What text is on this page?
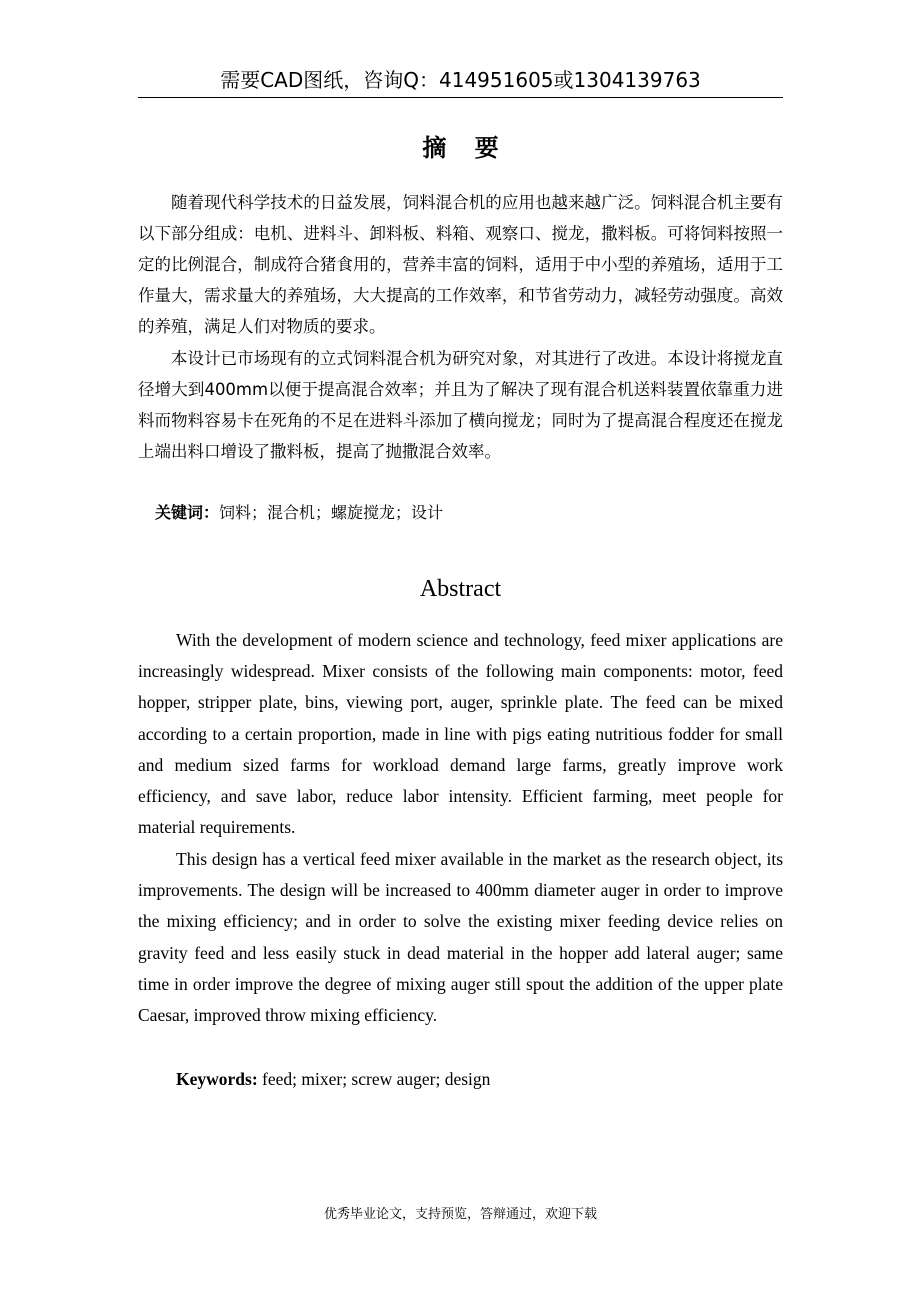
需要CAD图纸，咨询Q：414951605或1304139763
摘 要

随着现代科学技术的日益发展，饲料混合机的应用也越来越广泛。饲料混合机主要有以下部分组成：电机、进料斗、卸料板、料箱、观察口、搅龙，撒料板。可将饲料按照一定的比例混合，制成符合猪食用的，营养丰富的饲料，适用于中小型的养殖场，适用于工作量大，需求量大的养殖场，大大提高的工作效率，和节省劳动力，减轻劳动强度。高效的养殖，满足人们对物质的要求。

本设计已市场现有的立式饲料混合机为研究对象，对其进行了改进。本设计将搅龙直径增大到400mm以便于提高混合效率；并且为了解决了现有混合机送料装置依靠重力进料而物料容易卡在死角的不足在进料斗添加了横向搅龙；同时为了提高混合程度还在搅龙上端出料口增设了撒料板，提高了抛撒混合效率。

关键词：饲料；混合机；螺旋搅龙；设计
Abstract

With the development of modern science and technology, feed mixer applications are increasingly widespread. Mixer consists of the following main components: motor, feed hopper, stripper plate, bins, viewing port, auger, sprinkle plate. The feed can be mixed according to a certain proportion, made in line with pigs eating nutritious fodder for small and medium sized farms for workload demand large farms, greatly improve work efficiency, and save labor, reduce labor intensity. Efficient farming, meet people for material requirements.

This design has a vertical feed mixer available in the market as the research object, its improvements. The design will be increased to 400mm diameter auger in order to improve the mixing efficiency; and in order to solve the existing mixer feeding device relies on gravity feed and less easily stuck in dead material in the hopper add lateral auger; same time in order improve the degree of mixing auger still spout the addition of the upper plate Caesar, improved throw mixing efficiency.

Keywords: feed; mixer; screw auger; design
优秀毕业论文，支持预览，答辩通过，欢迎下载
